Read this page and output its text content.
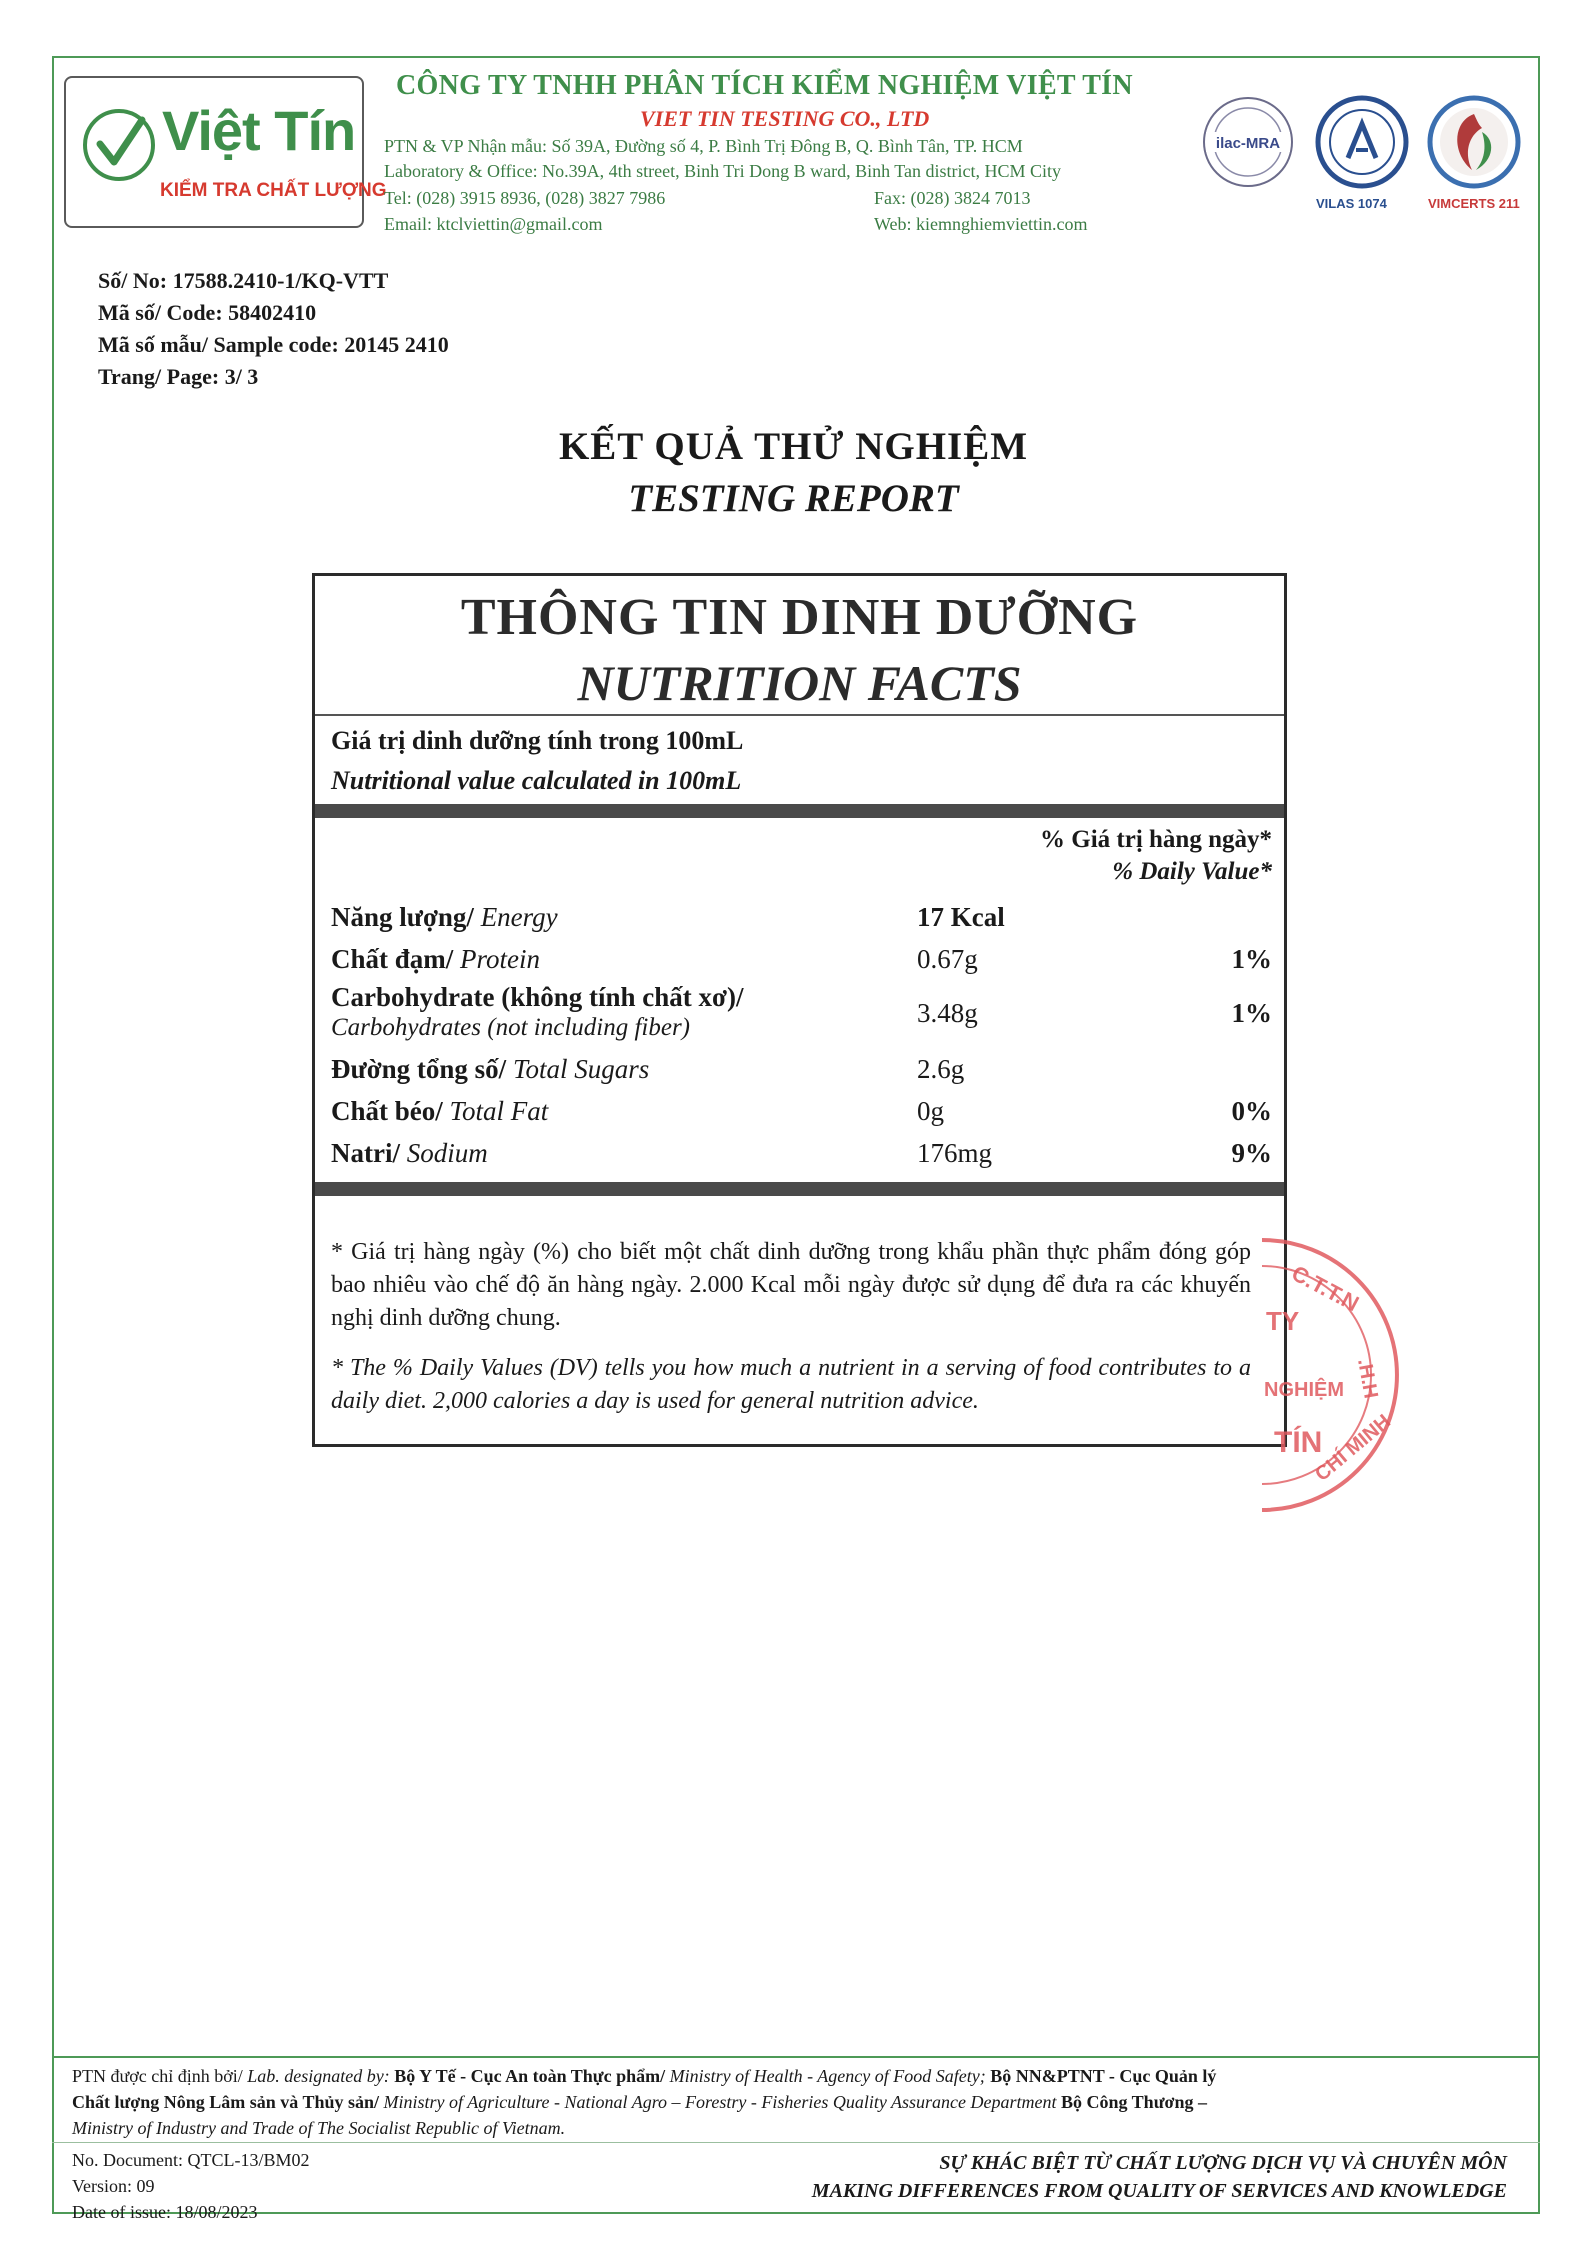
Việt Tín
KIỂM TRA CHẤT LƯỢNG
CÔNG TY TNHH PHÂN TÍCH KIỂM NGHIỆM VIỆT TÍN
VIET TIN TESTING CO., LTD
PTN & VP Nhận mẫu: Số 39A, Đường số 4, P. Bình Trị Đông B, Q. Bình Tân, TP. HCM
Laboratory & Office: No.39A, 4th street, Binh Tri Dong B ward, Binh Tan district, HCM City
Tel: (028) 3915 8936, (028) 3827 7986	Fax: (028) 3824 7013
Email: ktclviettin@gmail.com	Web: kiemnghiemviettin.com
ilac-MRA
VILAS 1074	VIMCERTS 211
Số/ No: 17588.2410-1/KQ-VTT
Mã số/ Code: 58402410
Mã số mẫu/ Sample code: 20145 2410
Trang/ Page: 3/ 3
KẾT QUẢ THỬ NGHIỆM
TESTING REPORT
THÔNG TIN DINH DƯỠNG
NUTRITION FACTS
Giá trị dinh dưỡng tính trong 100mL
Nutritional value calculated in 100mL
% Giá trị hàng ngày*
% Daily Value*
Năng lượng/ Energy	17 Kcal
Chất đạm/ Protein	0.67g	1%
Carbohydrate (không tính chất xơ)/
Carbohydrates (not including fiber)	3.48g	1%
Đường tổng số/ Total Sugars	2.6g
Chất béo/ Total Fat	0g	0%
Natri/ Sodium	176mg	9%
* Giá trị hàng ngày (%) cho biết một chất dinh dưỡng trong khẩu phần thực phẩm đóng góp bao nhiêu vào chế độ ăn hàng ngày. 2.000 Kcal mỗi ngày được sử dụng để đưa ra các khuyến nghị dinh dưỡng chung.
* The % Daily Values (DV) tells you how much a nutrient in a serving of food contributes to a daily diet. 2,000 calories a day is used for general nutrition advice.
C.T.T.N
.H.H
CHÍ MINH
TY
NGHIỆM
TÍN
PTN được chỉ định bởi/ Lab. designated by: Bộ Y Tế - Cục An toàn Thực phẩm/ Ministry of Health - Agency of Food Safety; Bộ NN&PTNT - Cục Quản lý
Chất lượng Nông Lâm sản và Thủy sản/ Ministry of Agriculture - National Agro – Forestry - Fisheries Quality Assurance Department Bộ Công Thương –
Ministry of Industry and Trade of The Socialist Republic of Vietnam.
No. Document: QTCL-13/BM02
Version: 09
Date of issue: 18/08/2023
SỰ KHÁC BIỆT TỪ CHẤT LƯỢNG DỊCH VỤ VÀ CHUYÊN MÔN
MAKING DIFFERENCES FROM QUALITY OF SERVICES AND KNOWLEDGE
